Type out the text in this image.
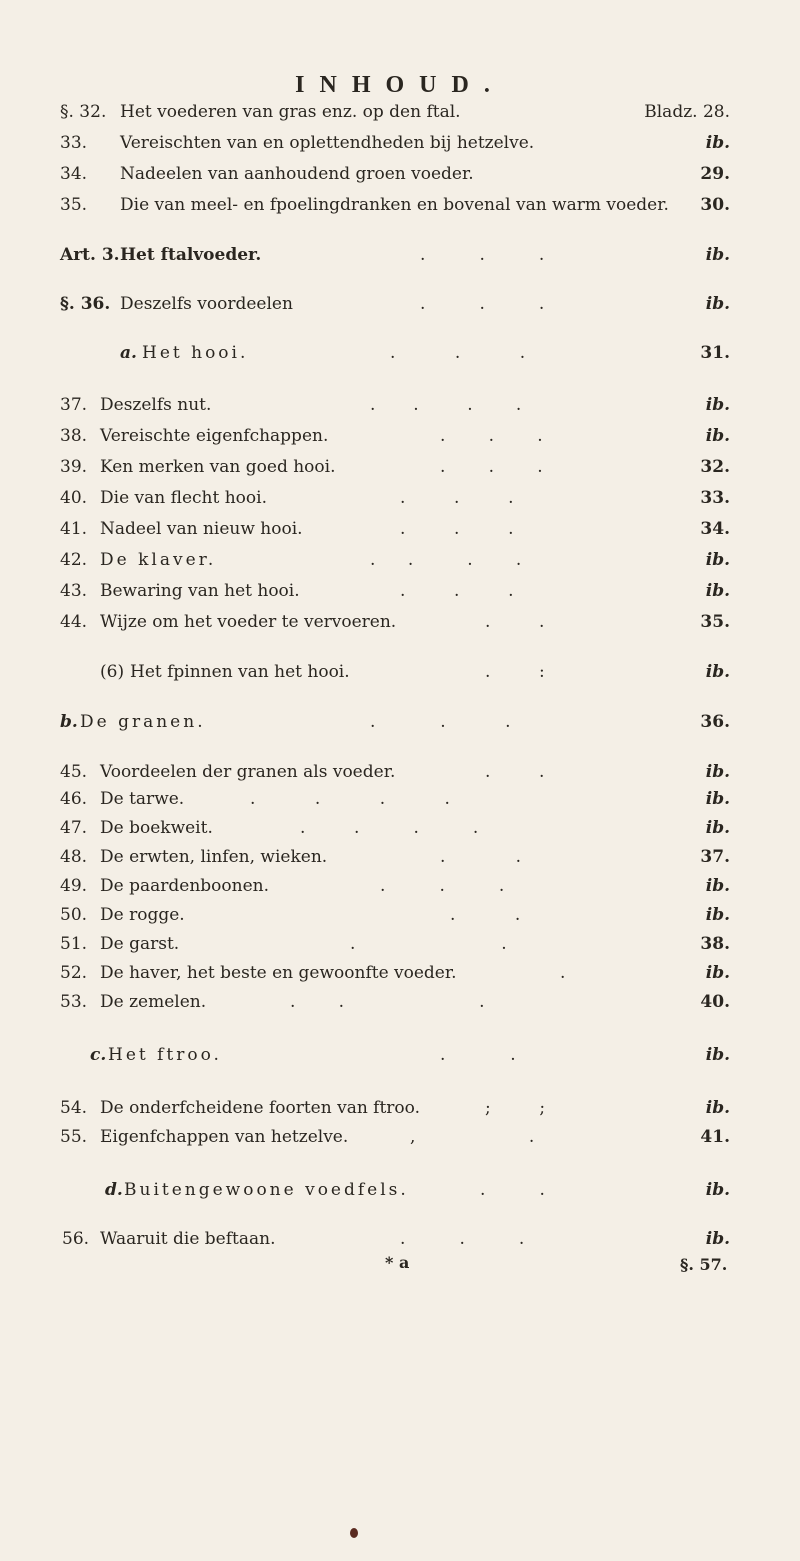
INHOUD.
§. 32. Het voederen van gras enz. op den ftal.	Bladz. 28.
33. Vereischten van en oplettendheden bij hetzelve.	ib.
34. Nadeelen van aanhoudend groen voeder.	29.
35. Die van meel- en fpoelingdranken en bovenal van warm voeder. 30.
Art. 3. Het ftalvoeder.	.          .          .	ib.
§. 36. Deszelfs voordeelen	.          .          .	ib.
a. Het hooi.	.           .           .	31.
37. Deszelfs nut.	.       .         .        .	ib.
38. Vereischte eigenfchappen.	.        .        .	ib.
39. Ken merken van goed hooi.	.        .        .	32.
40. Die van flecht hooi.	.         .         .	33.
41. Nadeel van nieuw hooi.	.         .         .	34.
42. De klaver.	.      .          .        .	ib.
43. Bewaring van het hooi.	.         .         .	ib.
44. Wijze om het voeder te vervoeren.	.         .	35.
(6) Het fpinnen van het hooi.	.         :	ib.
b. De granen.	.            .           .	36.
45. Voordeelen der granen als voeder.	.         .	ib.
46. De tarwe.	.           .           .           .	ib.
47. De boekweit.	.         .          .          .	ib.
48. De erwten, linfen, wieken.	.             .	37.
49. De paardenboonen.	.          .          .	ib.
50. De rogge.	.           .	ib.
51. De garst.	.                           .	38.
52. De haver, het beste en gewoonfte voeder.	.	ib.
53. De zemelen.	.        .                         .	40.
c. Het ftroo.	.            .	ib.
54. De onderfcheidene foorten van ftroo.	;         ;	ib.
55. Eigenfchappen van hetzelve.	,                     .	41.
d. Buitengewoone voedfels.	.          .	ib.
56. Waaruit die beftaan.	.          .          .	ib.
* a	§. 57.
